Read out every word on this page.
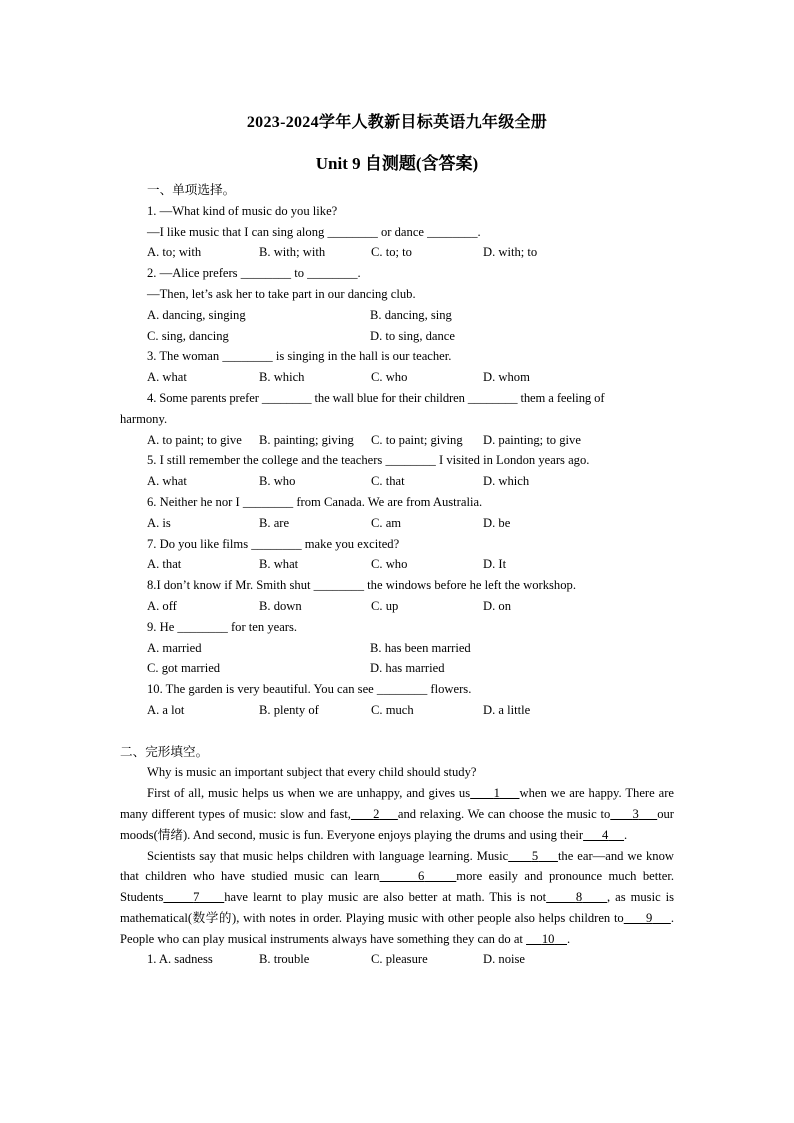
2023-2024学年人教新目标英语九年级全册
Unit 9 自测题(含答案)
一、单项选择。
1. —What kind of music do you like?
—I like music that I can sing along ________ or dance ________.
A. to; with	B. with; with	C. to; to	D. with; to
2. —Alice prefers ________ to ________.
—Then, let’s ask her to take part in our dancing club.
A. dancing, singing	B. dancing, sing
C. sing, dancing	D. to sing, dance
3. The woman ________ is singing in the hall is our teacher.
A. what	B. which	C. who	D. whom
4. Some parents prefer ________ the wall blue for their children ________ them a feeling of
harmony.
A. to paint; to give	B. painting; giving	C. to paint; giving	D. painting; to give
5. I still remember the college and the teachers ________ I visited in London years ago.
A. what	B. who	C. that	D. which
6. Neither he nor I ________ from Canada. We are from Australia.
A. is	B. are	C. am	D. be
7. Do you like films ________ make you excited?
A. that	B. what	C. who	D. It
8.I don’t know if Mr. Smith shut ________ the windows before he left the workshop.
A. off	B. down	C. up	D. on
9. He ________ for ten years.
A. married	B. has been married
C. got married	D. has married
10. The garden is very beautiful. You can see ________ flowers.
A. a lot	B. plenty of	C. much	D. a little
二、完形填空。
Why is music an important subject that every child should study?

First of all, music helps us when we are unhappy, and gives us 1 when we are happy. There are many different types of music: slow and fast, 2 and relaxing. We can choose the music to 3 our moods(情绪). And second, music is fun. Everyone enjoys playing the drums and using their 4 .

Scientists say that music helps children with language learning. Music 5 the ear—and we know that children who have studied music can learn	6	more easily and pronounce much better. Students 7 have learnt to play music are also better at math. This is not 8 , as music is mathematical(数学的), with notes in order. Playing music with other people also helps children to 9 . People who can play musical instruments always have something they can do at 10 .

1. A. sadness	B. trouble	C. pleasure	D. noise
